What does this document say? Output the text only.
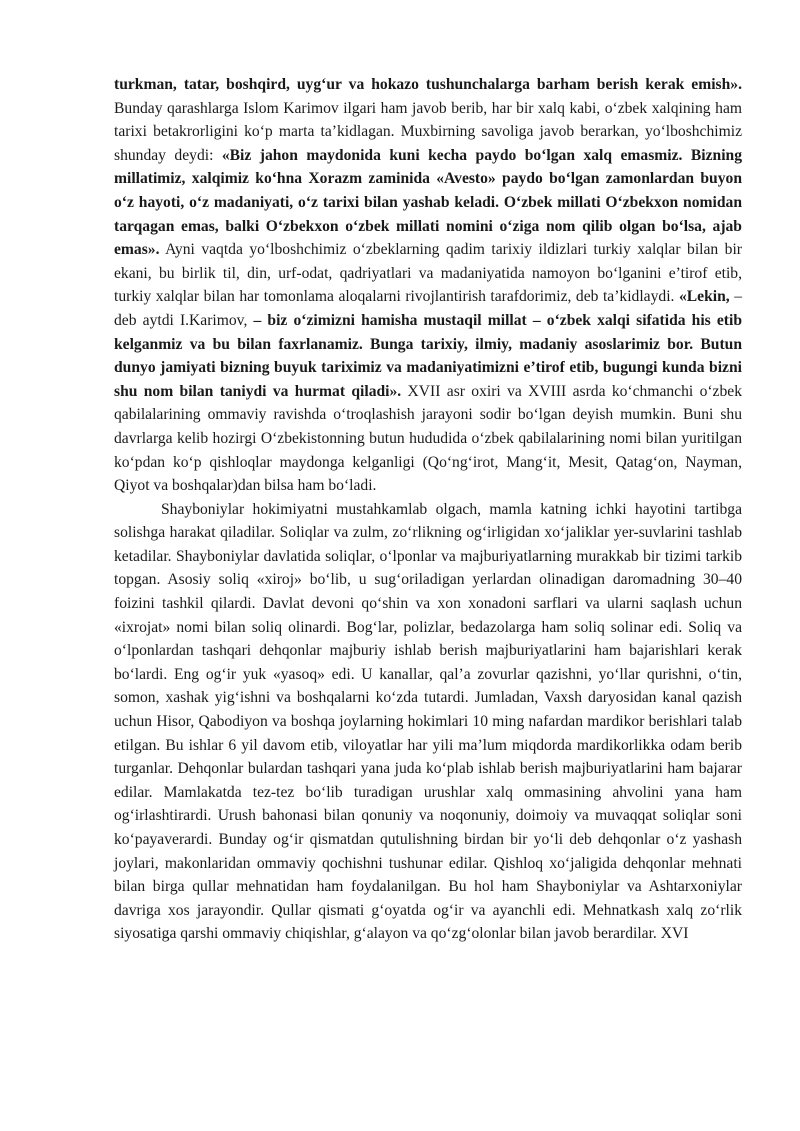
turkman, tatar, boshqird, uyg‘ur va hokazo tushunchalarga barham berish kerak emish». Bunday qarashlarga Islom Karimov ilgari ham javob berib, har bir xalq kabi, o‘zbek xalqining ham tarixi betakrorligini ko‘p marta ta’kidlagan. Muxbirning savoliga javob berarkan, yo‘lboshchimiz shunday deydi: «Biz jahon maydonida kuni kecha paydo bo‘lgan xalq emasmiz. Bizning millatimiz, xalqimiz ko‘hna Xorazm zaminida «Avesto» paydo bo‘lgan zamonlardan buyon o‘z hayoti, o‘z madaniyati, o‘z tarixi bilan yashab keladi. O‘zbek millati O‘zbekxon nomidan tarqagan emas, balki O‘zbekxon o‘zbek millati nomini o‘ziga nom qilib olgan bo‘lsa, ajab emas». Ayni vaqtda yo‘lboshchimiz o‘zbeklarning qadim tarixiy ildizlari turkiy xalqlar bilan bir ekani, bu birlik til, din, urf-odat, qadriyatlari va madaniyatida namoyon bo‘lganini e’tirof etib, turkiy xalqlar bilan har tomonlama aloqalarni rivojlantirish tarafdorimiz, deb ta’kidlaydi. «Lekin, – deb aytdi I.Karimov, – biz o‘zimizni hamisha mustaqil millat – o‘zbek xalqi sifatida his etib kelganmiz va bu bilan faxrlanamiz. Bunga tarixiy, ilmiy, madaniy asoslarimiz bor. Butun dunyo jamiyati bizning buyuk tariximiz va madaniyatimizni e’tirof etib, bugungi kunda bizni shu nom bilan taniydi va hurmat qiladi». XVII asr oxiri va XVIII asrda ko‘chmanchi o‘zbek qabilalarining ommaviy ravishda o‘troqlashish jarayoni sodir bo‘lgan deyish mumkin. Buni shu davrlarga kelib hozirgi O‘zbekistonning butun hududida o‘zbek qabilalarining nomi bilan yuritilgan ko‘pdan ko‘p qishloqlar maydonga kelganligi (Qo‘ng‘irot, Mang‘it, Mesit, Qatag‘on, Nayman, Qiyot va boshqalar)dan bilsa ham bo‘ladi.

Shayboniylar hokimiyatni mustahkamlab olgach, mamla katning ichki hayotini tartibga solishga harakat qiladilar. Soliqlar va zulm, zo‘rlikning og‘irligidan xo‘jaliklar yer-suvlarini tashlab ketadilar. Shayboniylar davlatida soliqlar, o‘lponlar va majburiyatlarning murakkab bir tizimi tarkib topgan. Asosiy soliq «xiroj» bo‘lib, u sug‘oriladigan yerlardan olinadigan daromadning 30–40 foizini tashkil qilardi. Davlat devoni qo‘shin va xon xonadoni sarflari va ularni saqlash uchun «ixrojat» nomi bilan soliq olinardi. Bog‘lar, polizlar, bedazolarga ham soliq solinar edi. Soliq va o‘lponlardan tashqari dehqonlar majburiy ishlab berish majburiyatlarini ham bajarishlari kerak bo‘lardi. Eng og‘ir yuk «yasoq» edi. U kanallar, qal’a zovurlar qazishni, yo‘llar qurishni, o‘tin, somon, xashak yig‘ishni va boshqalarni ko‘zda tutardi. Jumladan, Vaxsh daryosidan kanal qazish uchun Hisor, Qabodiyon va boshqa joylarning hokimlari 10 ming nafardan mardikor berishlari talab etilgan. Bu ishlar 6 yil davom etib, viloyatlar har yili ma’lum miqdorda mardikorlikka odam berib turganlar. Dehqonlar bulardan tashqari yana juda ko‘plab ishlab berish majburiyatlarini ham bajarar edilar. Mamlakatda tez-tez bo‘lib turadigan urushlar xalq ommasining ahvolini yana ham og‘irlashtirardi. Urush bahonasi bilan qonuniy va noqonuniy, doimoiy va muvaqqat soliqlar soni ko‘payaverardi. Bunday og‘ir qismatdan qutulishning birdan bir yo‘li deb dehqonlar o‘z yashash joylari, makonlaridan ommaviy qochishni tushunar edilar. Qishloq xo‘jaligida dehqonlar mehnati bilan birga qullar mehnatidan ham foydalanilgan. Bu hol ham Shayboniylar va Ashtarxoniylar davriga xos jarayondir. Qullar qismati g‘oyatda og‘ir va ayanchli edi. Mehnatkash xalq zo‘rlik siyosatiga qarshi ommaviy chiqishlar, g‘alayon va qo‘zg‘olonlar bilan javob berardilar. XVI
